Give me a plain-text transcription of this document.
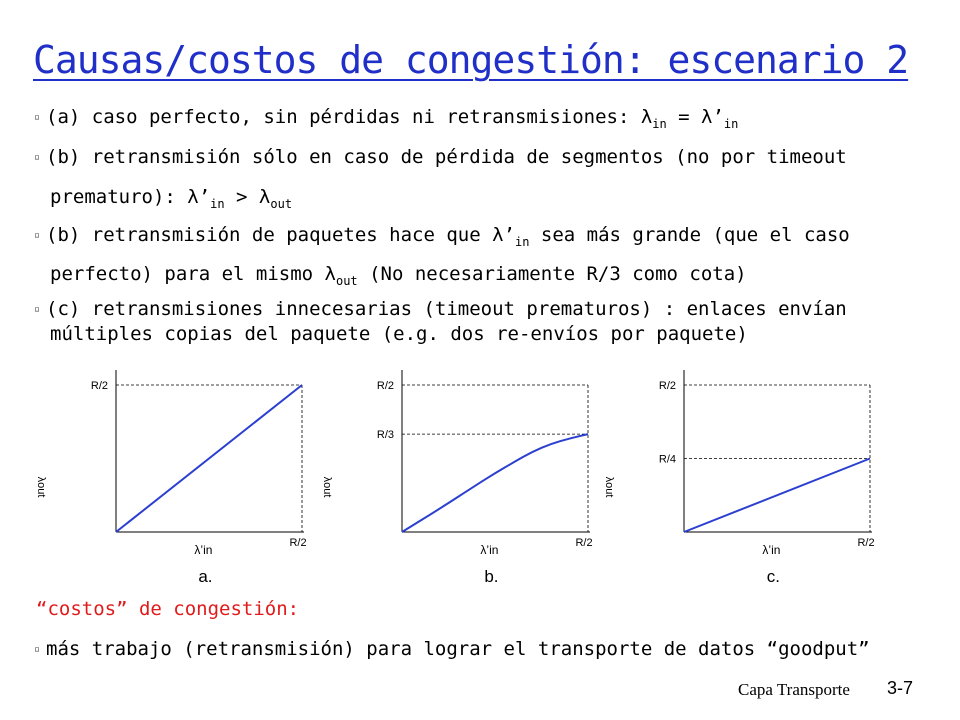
Causas/costos de congestión: escenario 2
▫ (a) caso perfecto, sin pérdidas ni retransmisiones: $\lambda_{in}$ = $\lambda’_{in}$
▫ (b) retransmisión sólo en caso de pérdida de segmentos (no por timeout
prematuro): $\lambda’_{in} > \lambda_{out}$
▫ (b) retransmisión de paquetes hace que $\lambda’_{in}$ sea más grande (que el caso
perfecto) para el mismo $\lambda_{out}$ (No necesariamente R/3 como cota)
▫ (c) retransmisiones innecesarias (timeout prematuros) : enlaces envían
múltiples copias del paquete (e.g. dos re-envíos por paquete)
R/2
R/2
λ’in
λout
a.
R/2
R/3
R/2
λ’in
λout
b.
R/2
R/4
R/2
λ’in
λout
c.
“costos” de congestión:
▫ más trabajo (retransmisión) para lograr el transporte de datos “goodput”
Capa Transporte 3-7
